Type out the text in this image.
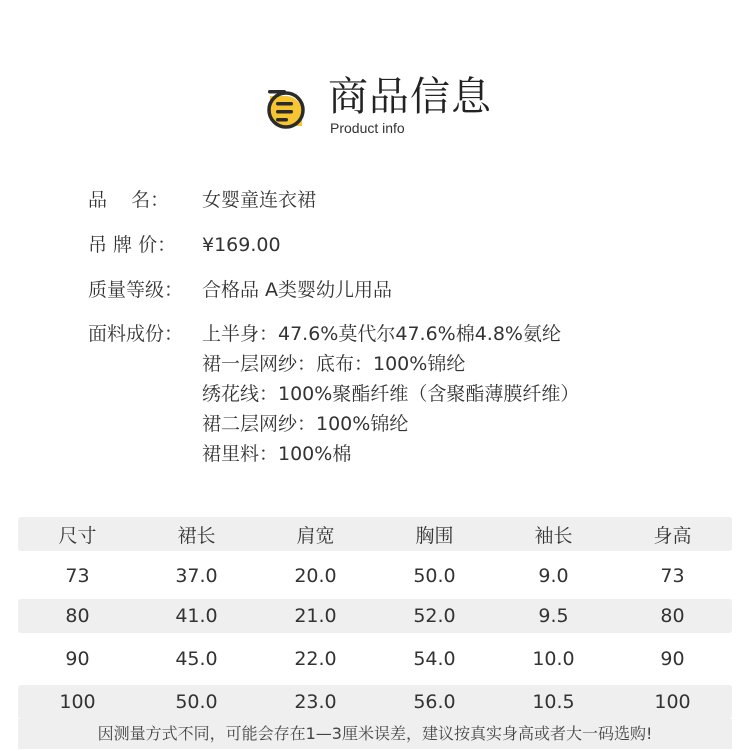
商品信息
Product info
品    名：	女婴童连衣裙
吊 牌 价：	¥169.00
质量等级： 合格品 A类婴幼儿用品
面料成份： 上半身：47.6%莫代尔47.6%棉4.8%氨纶
裙一层网纱：底布：100%锦纶
绣花线：100%聚酯纤维（含聚酯薄膜纤维）
裙二层网纱：100%锦纶
裙里料：100%棉
尺寸	裙长	肩宽	胸围	袖长	身高
73	37.0	20.0	50.0	9.0	73
80	41.0	21.0	52.0	9.5	80
90	45.0	22.0	54.0	10.0	90
100	50.0	23.0	56.0	10.5	100
因测量方式不同，可能会存在1—3厘米误差，建议按真实身高或者大一码选购!
